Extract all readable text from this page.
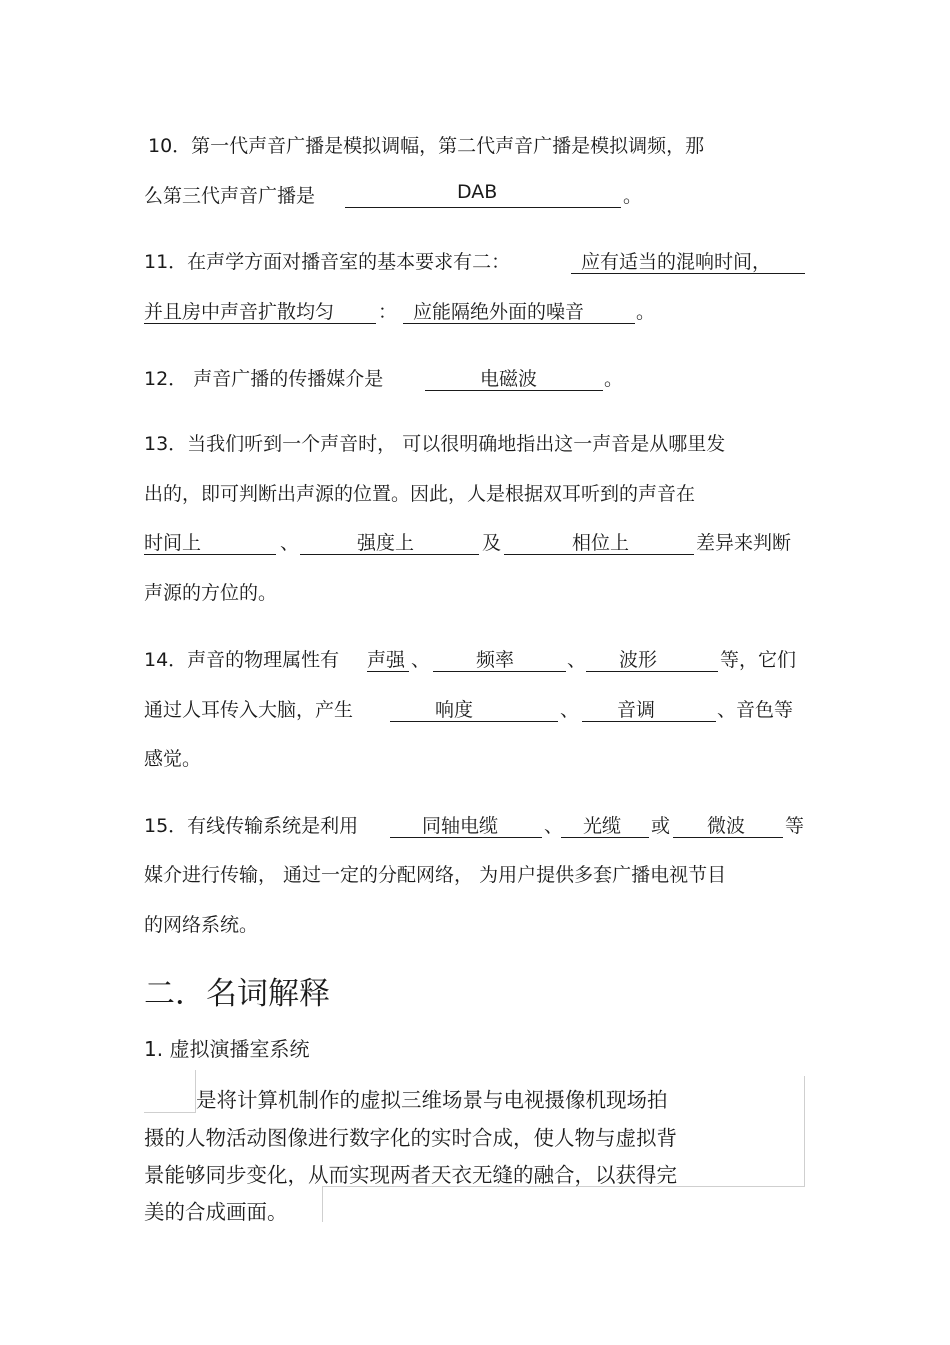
10．第一代声音广播是模拟调幅，第二代声音广播是模拟调频，那
么第三代声音广播是	DAB	。
11．在声学方面对播音室的基本要求有二：	应有适当的混响时间，
并且房中声音扩散均匀 ： 应能隔绝外面的噪音	。
12． 声音广播的传播媒介是	电磁波	。
13．当我们听到一个声音时， 可以很明确地指出这一声音是从哪里发
出的，即可判断出声源的位置。因此，人是根据双耳听到的声音在
时间上	、	强度上	及	相位上	差异来判断
声源的方位的。
14．声音的物理属性有 声强 、 频率	、 波形	等，它们
通过人耳传入大脑，产生	响度	、 音调	、音色等
感觉。
15．有线传输系统是利用	同轴电缆 、 光缆 或 微波 等
媒介进行传输， 通过一定的分配网络， 为用户提供多套广播电视节目
的网络系统。
二．名词解释
1. 虚拟演播室系统
是将计算机制作的虚拟三维场景与电视摄像机现场拍
摄的人物活动图像进行数字化的实时合成，使人物与虚拟背
景能够同步变化，从而实现两者天衣无缝的融合，以获得完
美的合成画面。
